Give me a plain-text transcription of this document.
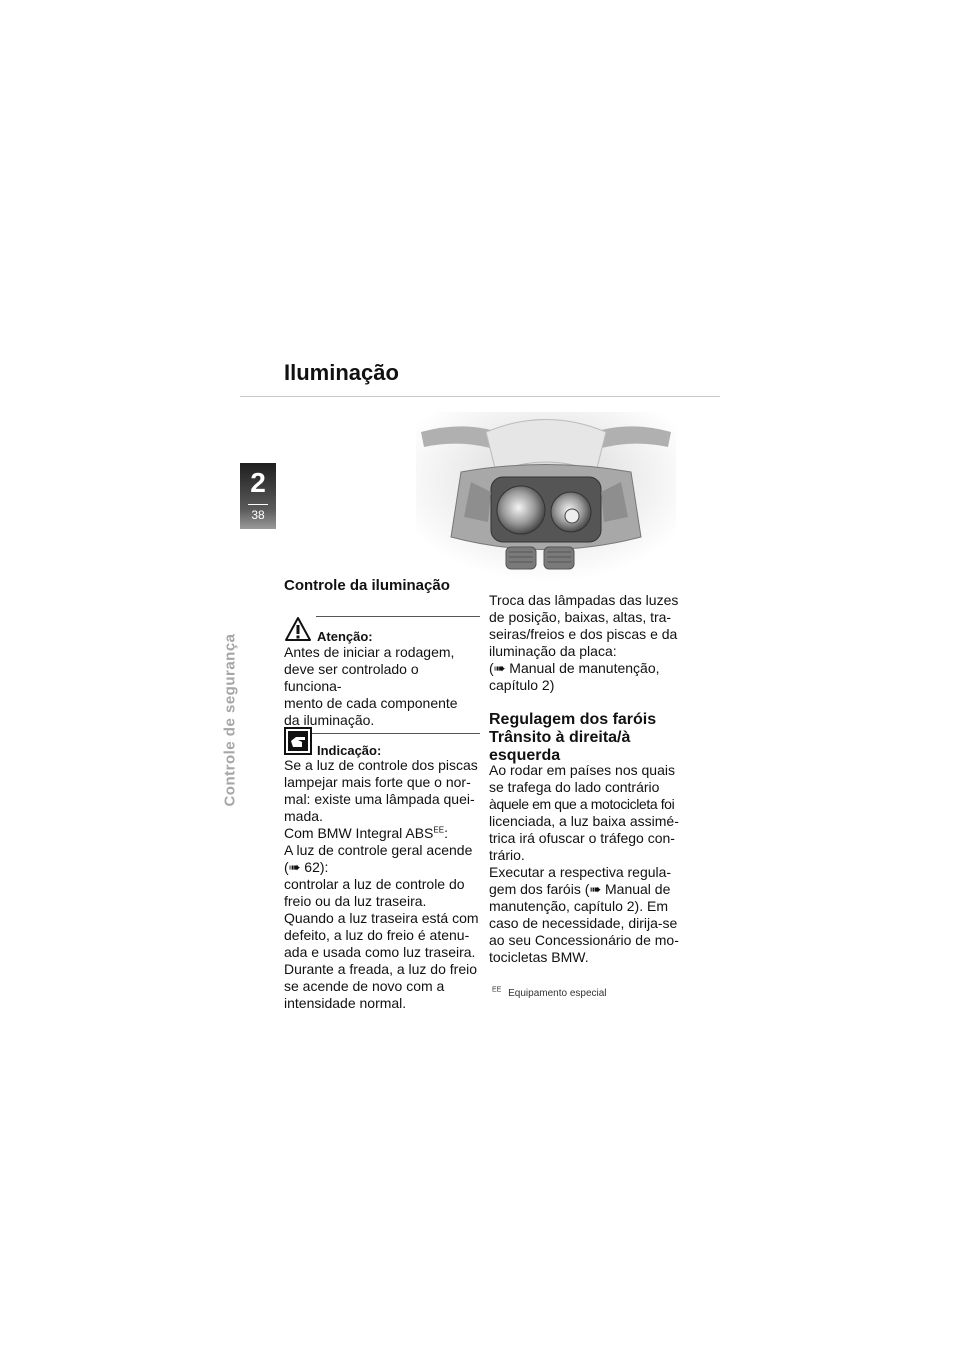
Iluminação
2
38
Controle de segurança
Controle da iluminação
Atenção:

Antes de iniciar a rodagem,

deve ser controlado o funciona-

mento de cada componente

da iluminação.

Indicação:

Se a luz de controle dos piscas

lampejar mais forte que o nor-

mal: existe uma lâmpada quei-

mada.

Com BMW Integral $ABS^{EE}$:

A luz de controle geral acende

(➠ 62):

controlar a luz de controle do

freio ou da luz traseira.

Quando a luz traseira está com

defeito, a luz do freio é atenu-

ada e usada como luz traseira.

Durante a freada, a luz do freio

se acende de novo com a

intensidade normal.

Troca das lâmpadas das luzes

de posição, baixas, altas, tra-

seiras/freios e dos piscas e da

iluminação da placa:

(➠ Manual de manutenção,

capítulo 2)

Regulagem dos faróis
Trânsito à direita/à
esquerda

Ao rodar em países nos quais

se trafega do lado contrário

àquele em que a motocicleta foi

licenciada, a luz baixa assimé-

trica irá ofuscar o tráfego con-

trário.

Executar a respectiva regula-

gem dos faróis (➠ Manual de

manutenção, capítulo 2). Em

caso de necessidade, dirija-se

ao seu Concessionário de mo-

tocicletas BMW.

$^{EE}$ Equipamento especial
